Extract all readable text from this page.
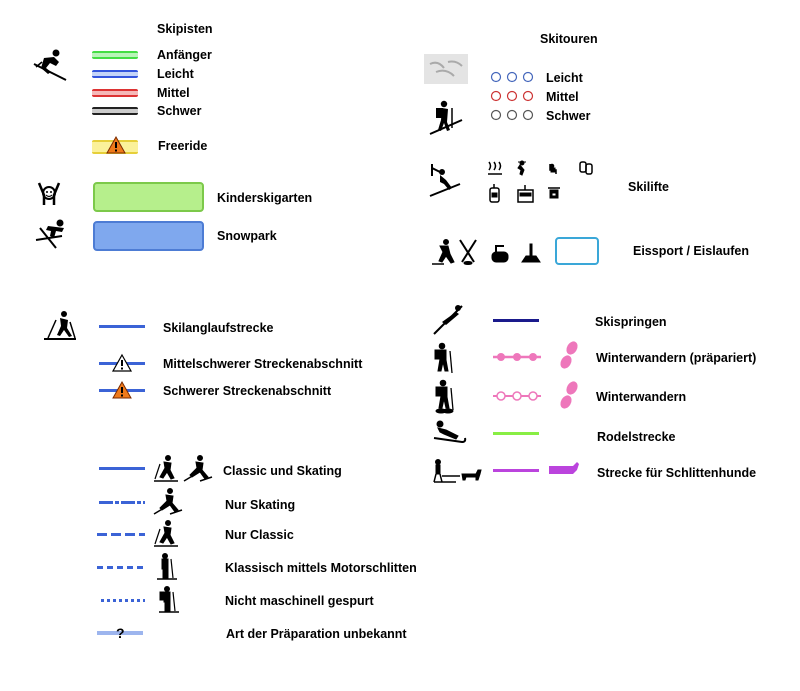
Skipisten
Anfänger
Leicht
Mittel
Schwer
Freeride
Kinderskigarten
Snowpark
Skitouren
Leicht
Mittel
Schwer
Skilifte
Eissport / Eislaufen
Skilanglaufstrecke
Mittelschwerer Streckenabschnitt
Schwerer Streckenabschnitt
Classic und Skating
Nur Skating
Nur Classic
Klassisch mittels Motorschlitten
Nicht maschinell gespurt
?	Art der Präparation unbekannt
Skispringen
Winterwandern (präpariert)
Winterwandern
Rodelstrecke
Strecke für Schlittenhunde
